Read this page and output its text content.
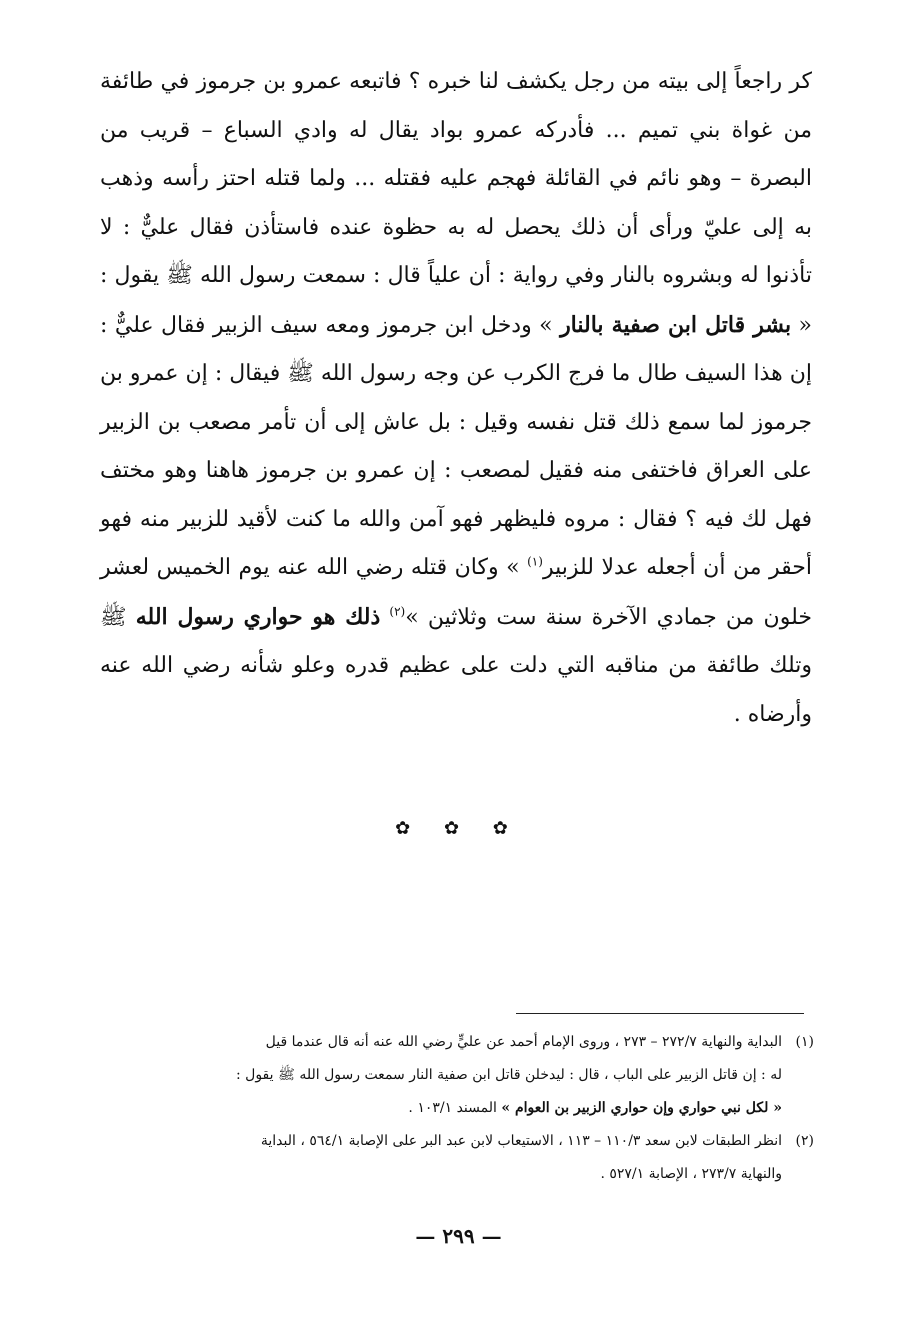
كر راجعاً إلى بيته من رجل يكشف لنا خبره ؟ فاتبعه عمرو بن جرموز في طائفة من غواة بني تميم ... فأدركه عمرو بواد يقال له وادي السباع – قريب من البصرة – وهو نائم في القائلة فهجم عليه فقتله ... ولما قتله احتز رأسه وذهب به إلى عليّ ورأى أن ذلك يحصل له به حظوة عنده فاستأذن فقال عليٌّ : لا تأذنوا له وبشروه بالنار وفي رواية : أن علياً قال : سمعت رسول الله ﷺ يقول : « بشر قاتل ابن صفية بالنار » ودخل ابن جرموز ومعه سيف الزبير فقال عليٌّ : إن هذا السيف طال ما فرج الكرب عن وجه رسول الله ﷺ فيقال : إن عمرو بن جرموز لما سمع ذلك قتل نفسه وقيل : بل عاش إلى أن تأمر مصعب بن الزبير على العراق فاختفى منه فقيل لمصعب : إن عمرو بن جرموز هاهنا وهو مختف فهل لك فيه ؟ فقال : مروه فليظهر فهو آمن والله ما كنت لأقيد للزبير منه فهو أحقر من أن أجعله عدلا للزبير$^{(١)}$ » وكان قتله رضي الله عنه يوم الخميس لعشر خلون من جمادي الآخرة سنة ست وثلاثين »$^{(٢)}$ ذلك هو حواري رسول الله ﷺ وتلك طائفة من مناقبه التي دلت على عظيم قدره وعلو شأنه رضي الله عنه وأرضاه .

✿ ✿ ✿

(١)البداية والنهاية ٢٧٢/٧ – ٢٧٣ ، وروى الإمام أحمد عن عليٍّ رضي الله عنه أنه قال عندما قيل

له : إن قاتل الزبير على الباب ، قال : ليدخلن قاتل ابن صفية النار سمعت رسول الله ﷺ يقول :

« لكل نبي حواري وإن حواري الزبير بن العوام » المسند ١٠٣/١ .

(٢)انظر الطبقات لابن سعد ١١٠/٣ – ١١٣ ، الاستيعاب لابن عبد البر على الإصابة ٥٦٤/١ ، البداية

والنهاية ٢٧٣/٧ ، الإصابة ٥٢٧/١ .

— ٢٩٩ —
